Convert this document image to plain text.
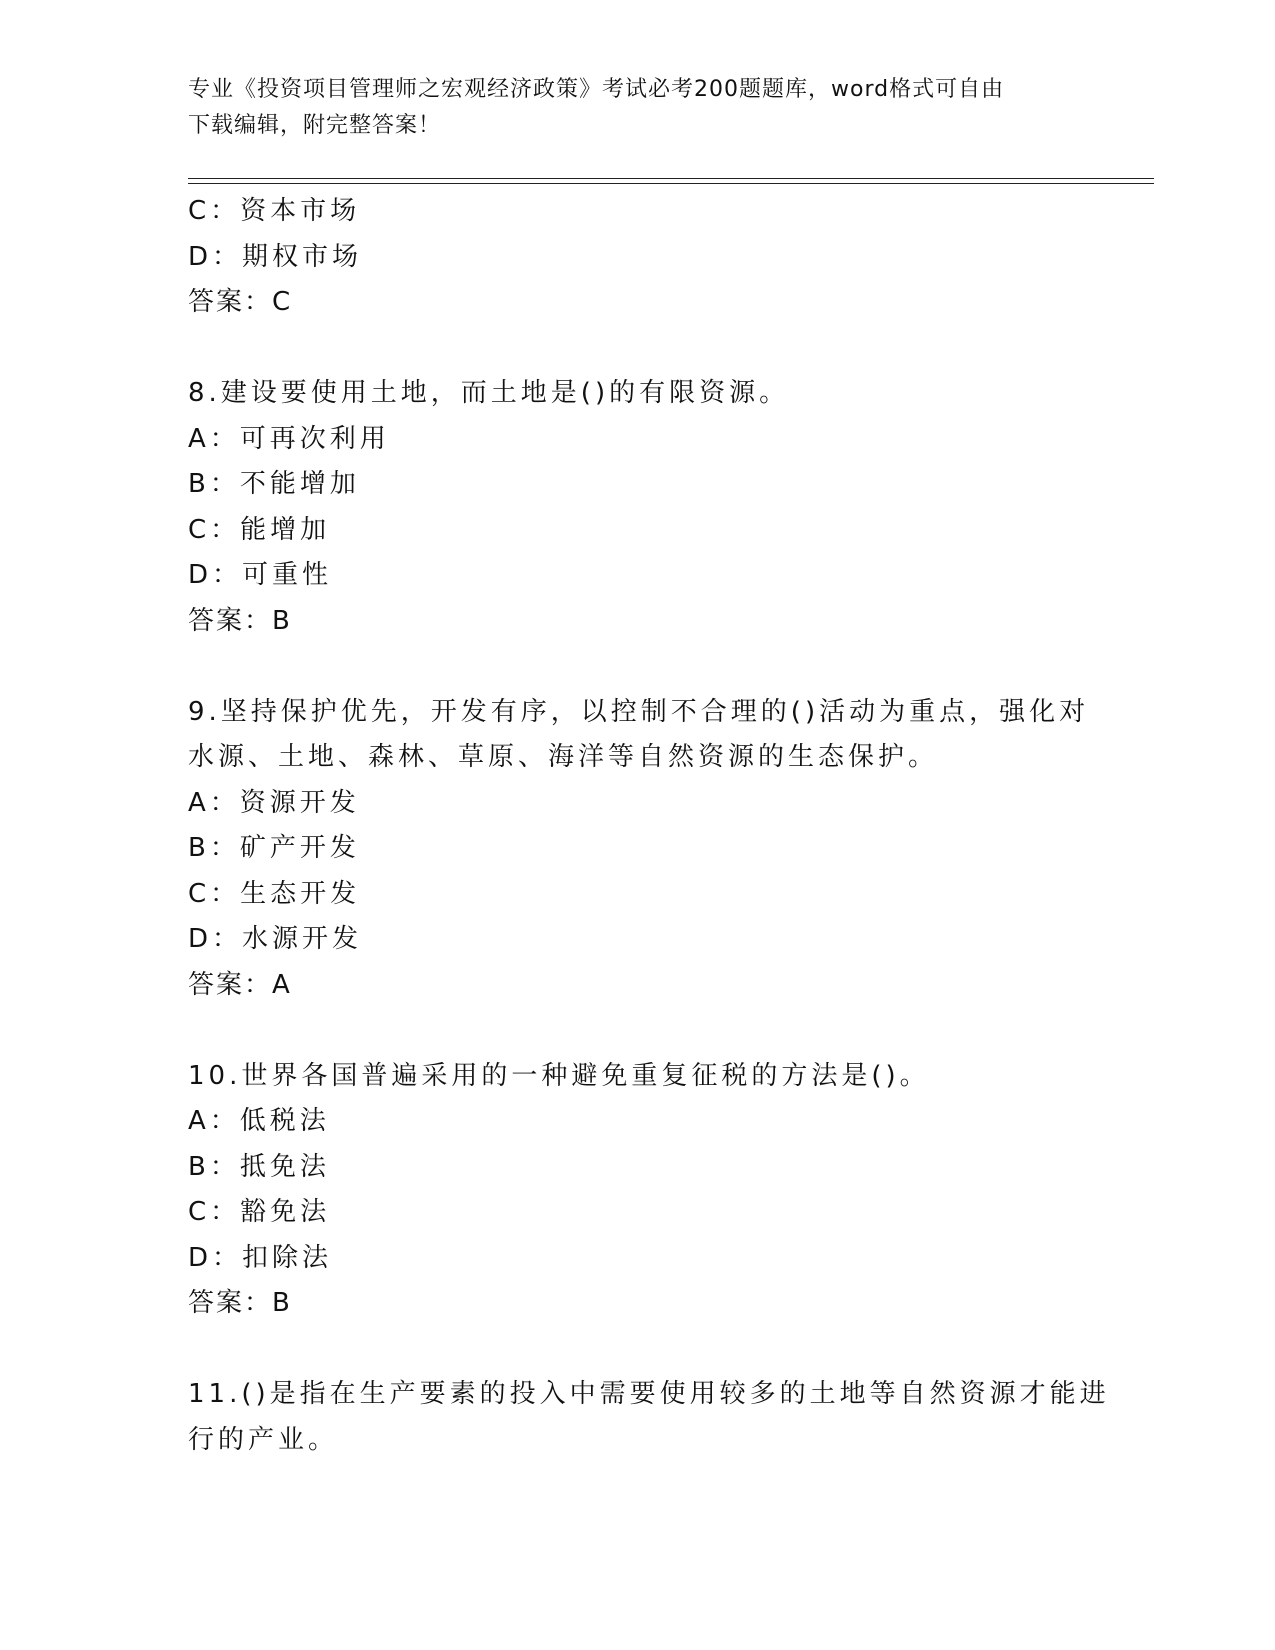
专业《投资项目管理师之宏观经济政策》考试必考200题题库，word格式可自由
下载编辑，附完整答案！
C：资本市场
D：期权市场
答案：C
8.建设要使用土地，而土地是()的有限资源。
A：可再次利用
B：不能增加
C：能增加
D：可重性
答案：B
9.坚持保护优先，开发有序，以控制不合理的()活动为重点，强化对
水源、土地、森林、草原、海洋等自然资源的生态保护。
A：资源开发
B：矿产开发
C：生态开发
D：水源开发
答案：A
10.世界各国普遍采用的一种避免重复征税的方法是()。
A：低税法
B：抵免法
C：豁免法
D：扣除法
答案：B
11.()是指在生产要素的投入中需要使用较多的土地等自然资源才能进
行的产业。
